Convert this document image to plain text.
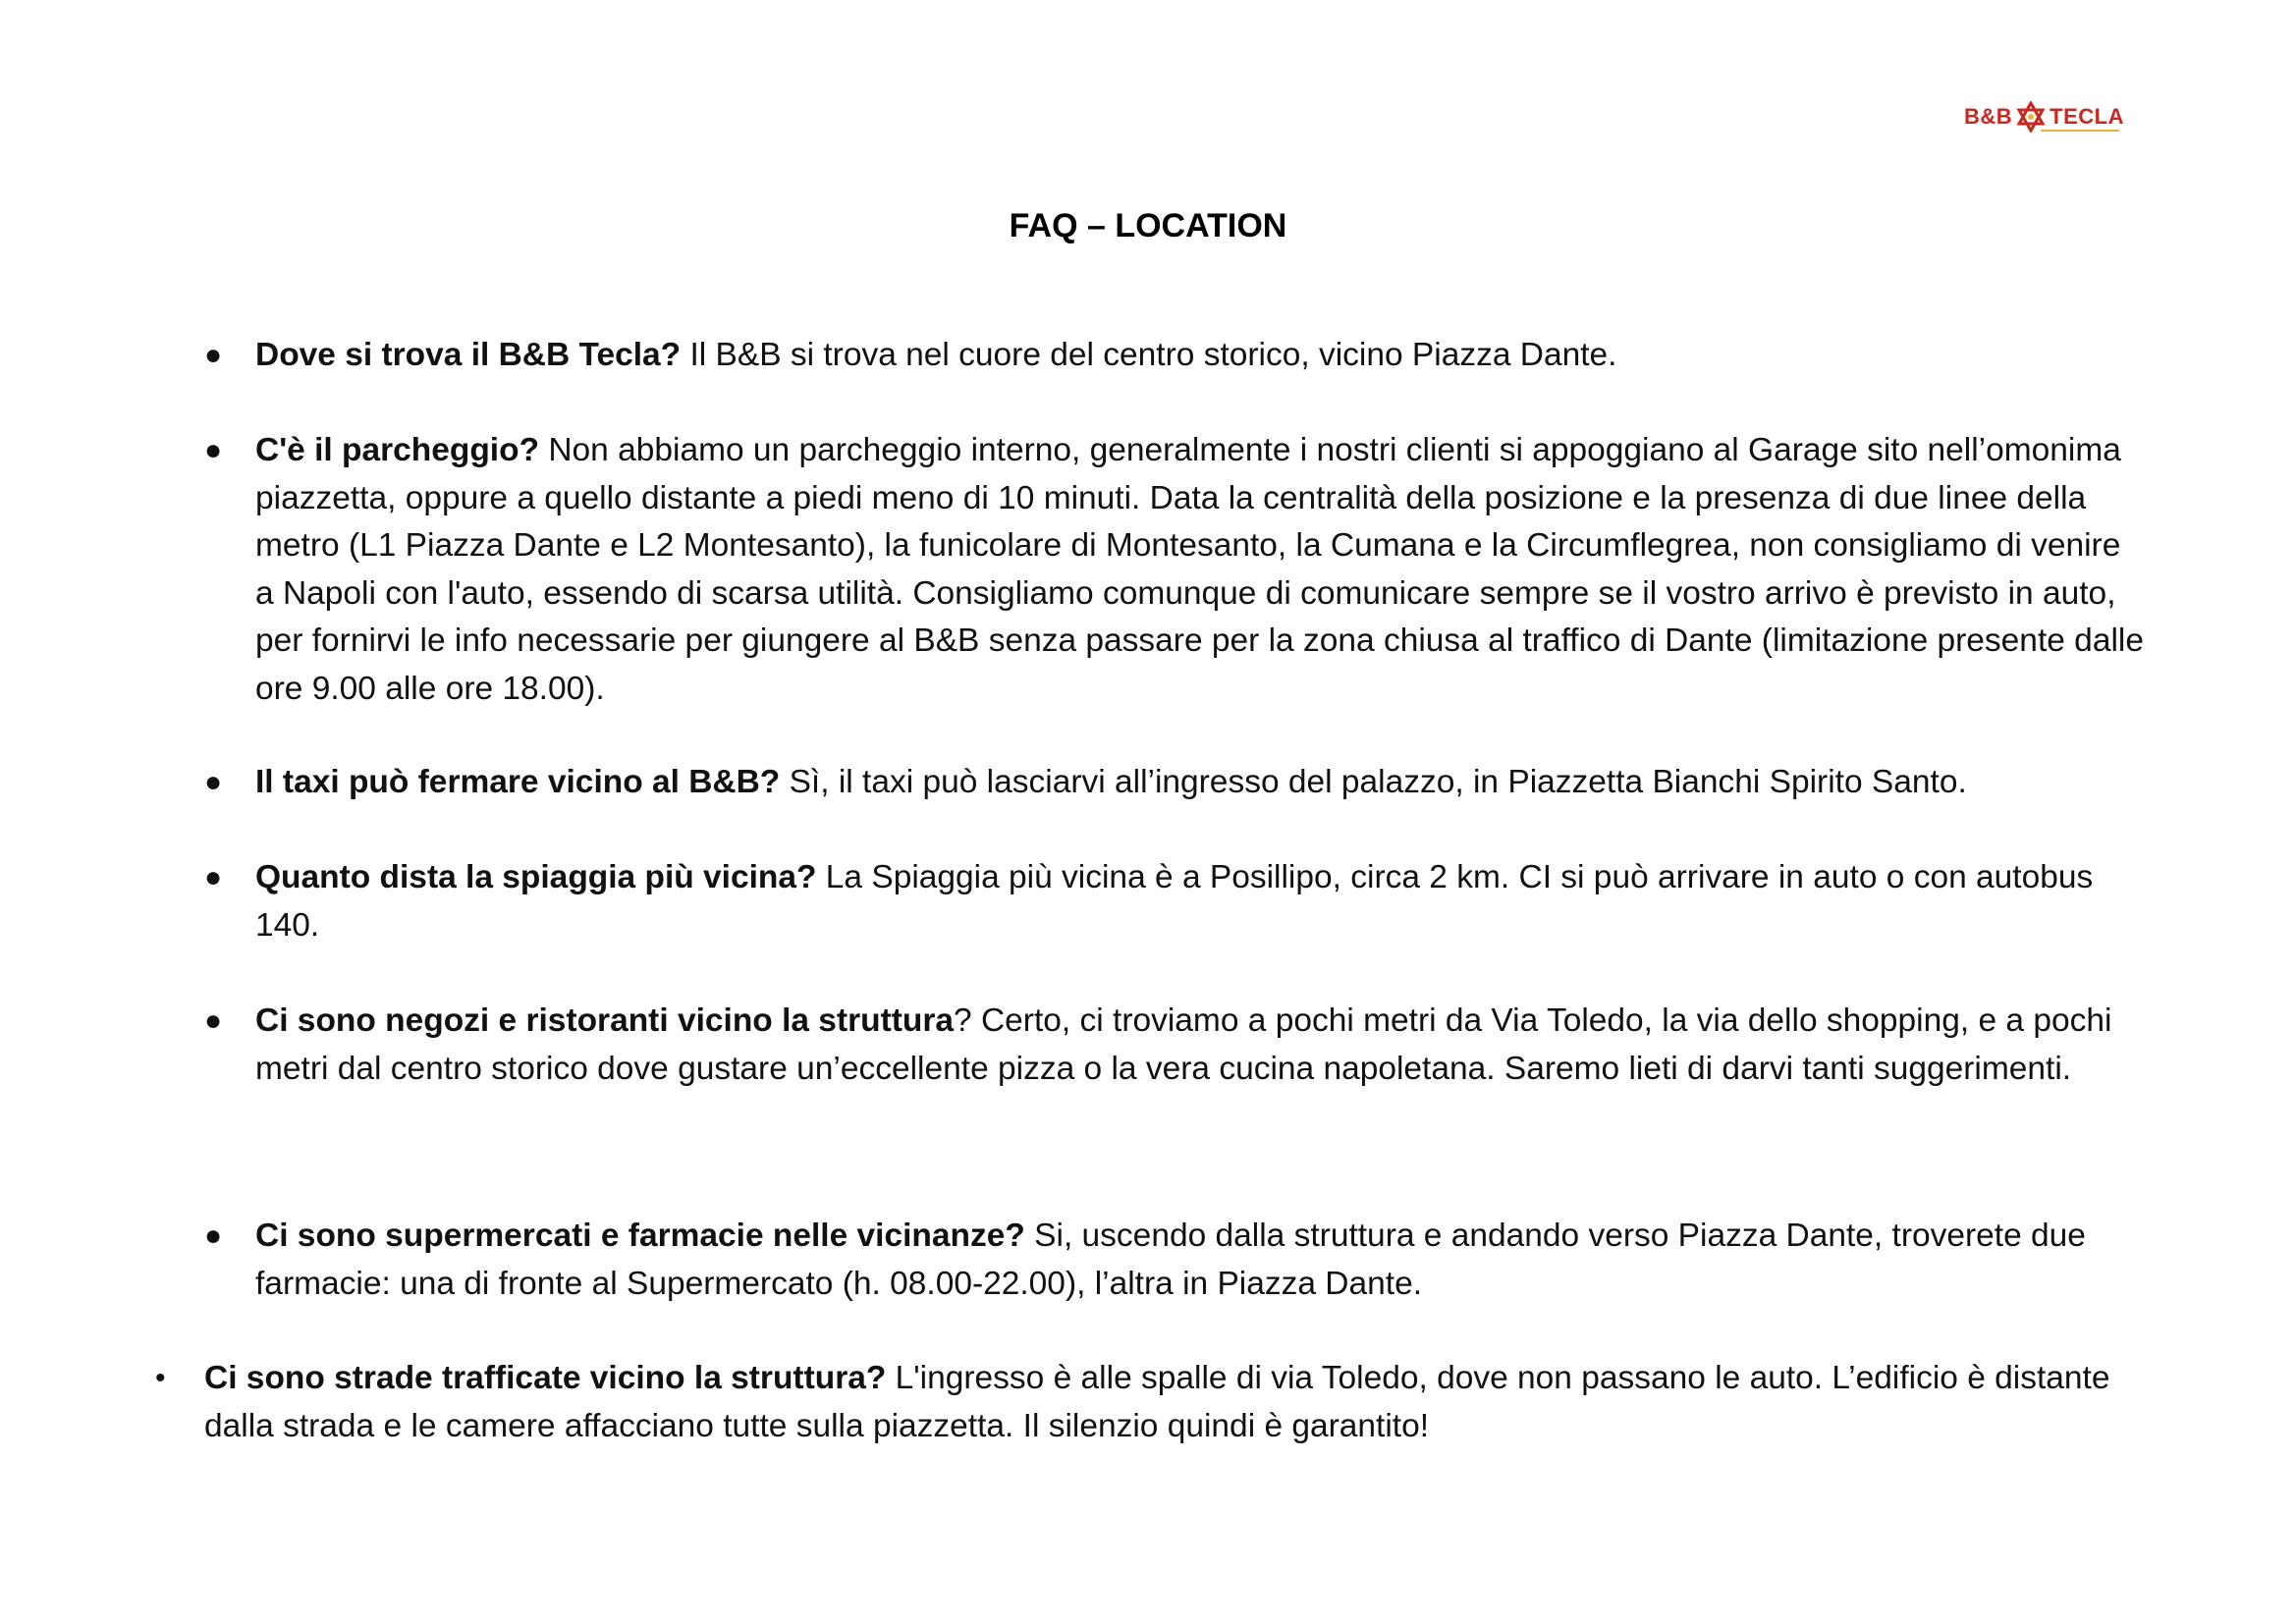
B&B TECLA
FAQ – LOCATION
● Dove si trova il B&B Tecla? Il B&B si trova nel cuore del centro storico, vicino Piazza Dante.
● C'è il parcheggio? Non abbiamo un parcheggio interno, generalmente i nostri clienti si appoggiano al Garage sito nell’omonima piazzetta, oppure a quello distante a piedi meno di 10 minuti. Data la centralità della posizione e la presenza di due linee della metro (L1 Piazza Dante e L2 Montesanto), la funicolare di Montesanto, la Cumana e la Circumflegrea, non consigliamo di venire a Napoli con l'auto, essendo di scarsa utilità. Consigliamo comunque di comunicare sempre se il vostro arrivo è previsto in auto, per fornirvi le info necessarie per giungere al B&B senza passare per la zona chiusa al traffico di Dante (limitazione presente dalle ore 9.00 alle ore 18.00).
● Il taxi può fermare vicino al B&B? Sì, il taxi può lasciarvi all’ingresso del palazzo, in Piazzetta Bianchi Spirito Santo.
● Quanto dista la spiaggia più vicina? La Spiaggia più vicina è a Posillipo, circa 2 km. CI si può arrivare in auto o con autobus 140.
● Ci sono negozi e ristoranti vicino la struttura? Certo, ci troviamo a pochi metri da Via Toledo, la via dello shopping, e a pochi metri dal centro storico dove gustare un’eccellente pizza o la vera cucina napoletana. Saremo lieti di darvi tanti suggerimenti.
● Ci sono supermercati e farmacie nelle vicinanze? Si, uscendo dalla struttura e andando verso Piazza Dante, troverete due farmacie: una di fronte al Supermercato (h. 08.00-22.00), l’altra in Piazza Dante.
• Ci sono strade trafficate vicino la struttura? L'ingresso è alle spalle di via Toledo, dove non passano le auto. L’edificio è distante dalla strada e le camere affacciano tutte sulla piazzetta. Il silenzio quindi è garantito!
